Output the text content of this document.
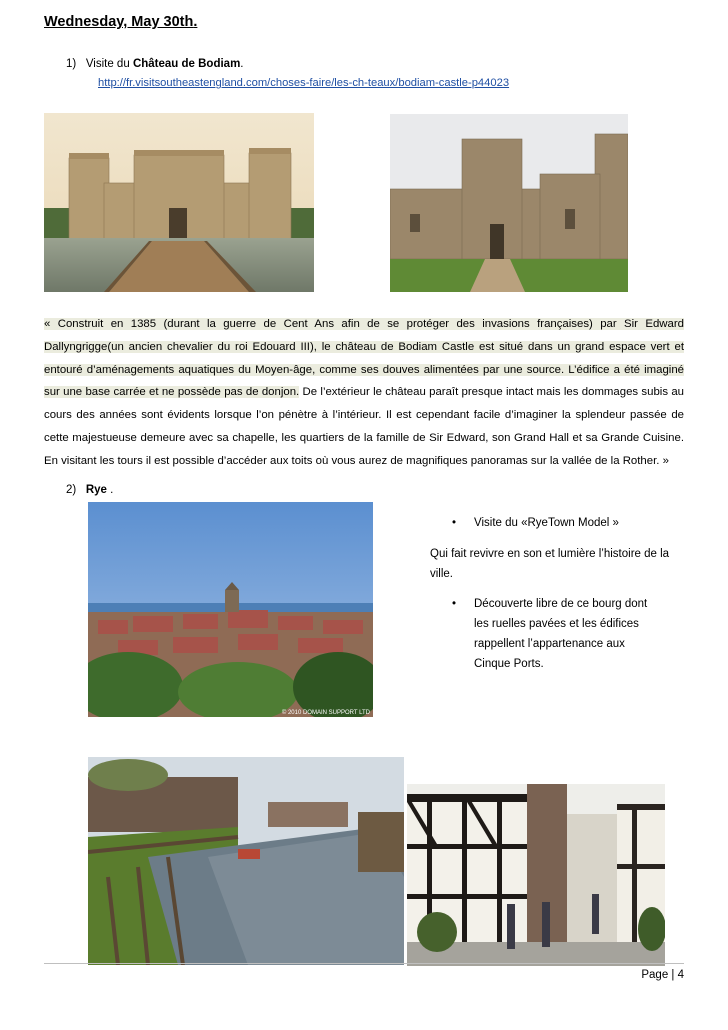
Wednesday, May 30th.
1) Visite du Château de Bodiam.
http://fr.visitsoutheastengland.com/choses-faire/les-ch-teaux/bodiam-castle-p44023
« Construit en 1385 (durant la guerre de Cent Ans afin de se protéger des invasions françaises) par Sir Edward Dallyngrigge(un ancien chevalier du roi Edouard III), le château de Bodiam Castle est situé dans un grand espace vert et entouré d’aménagements aquatiques du Moyen-âge, comme ses douves alimentées par une source. L’édifice a été imaginé sur une base carrée et ne possède pas de donjon. De l’extérieur le château paraît presque intact mais les dommages subis au cours des années sont évidents lorsque l’on pénètre à l’intérieur. Il est cependant facile d’imaginer la splendeur passée de cette majestueuse demeure avec sa chapelle, les quartiers de la famille de Sir Edward, son Grand Hall et sa Grande Cuisine. En visitant les tours il est possible d’accéder aux toits où vous aurez de magnifiques panoramas sur la vallée de la Rother. »
2) Rye .
© 2010 DOMAIN SUPPORT LTD
• Visite du «RyeTown Model »
Qui fait revivre en son et lumière l’histoire de la ville.
• Découverte libre de ce bourg dont les ruelles pavées et les édifices rappellent l’appartenance aux Cinque Ports.
Page | 4
